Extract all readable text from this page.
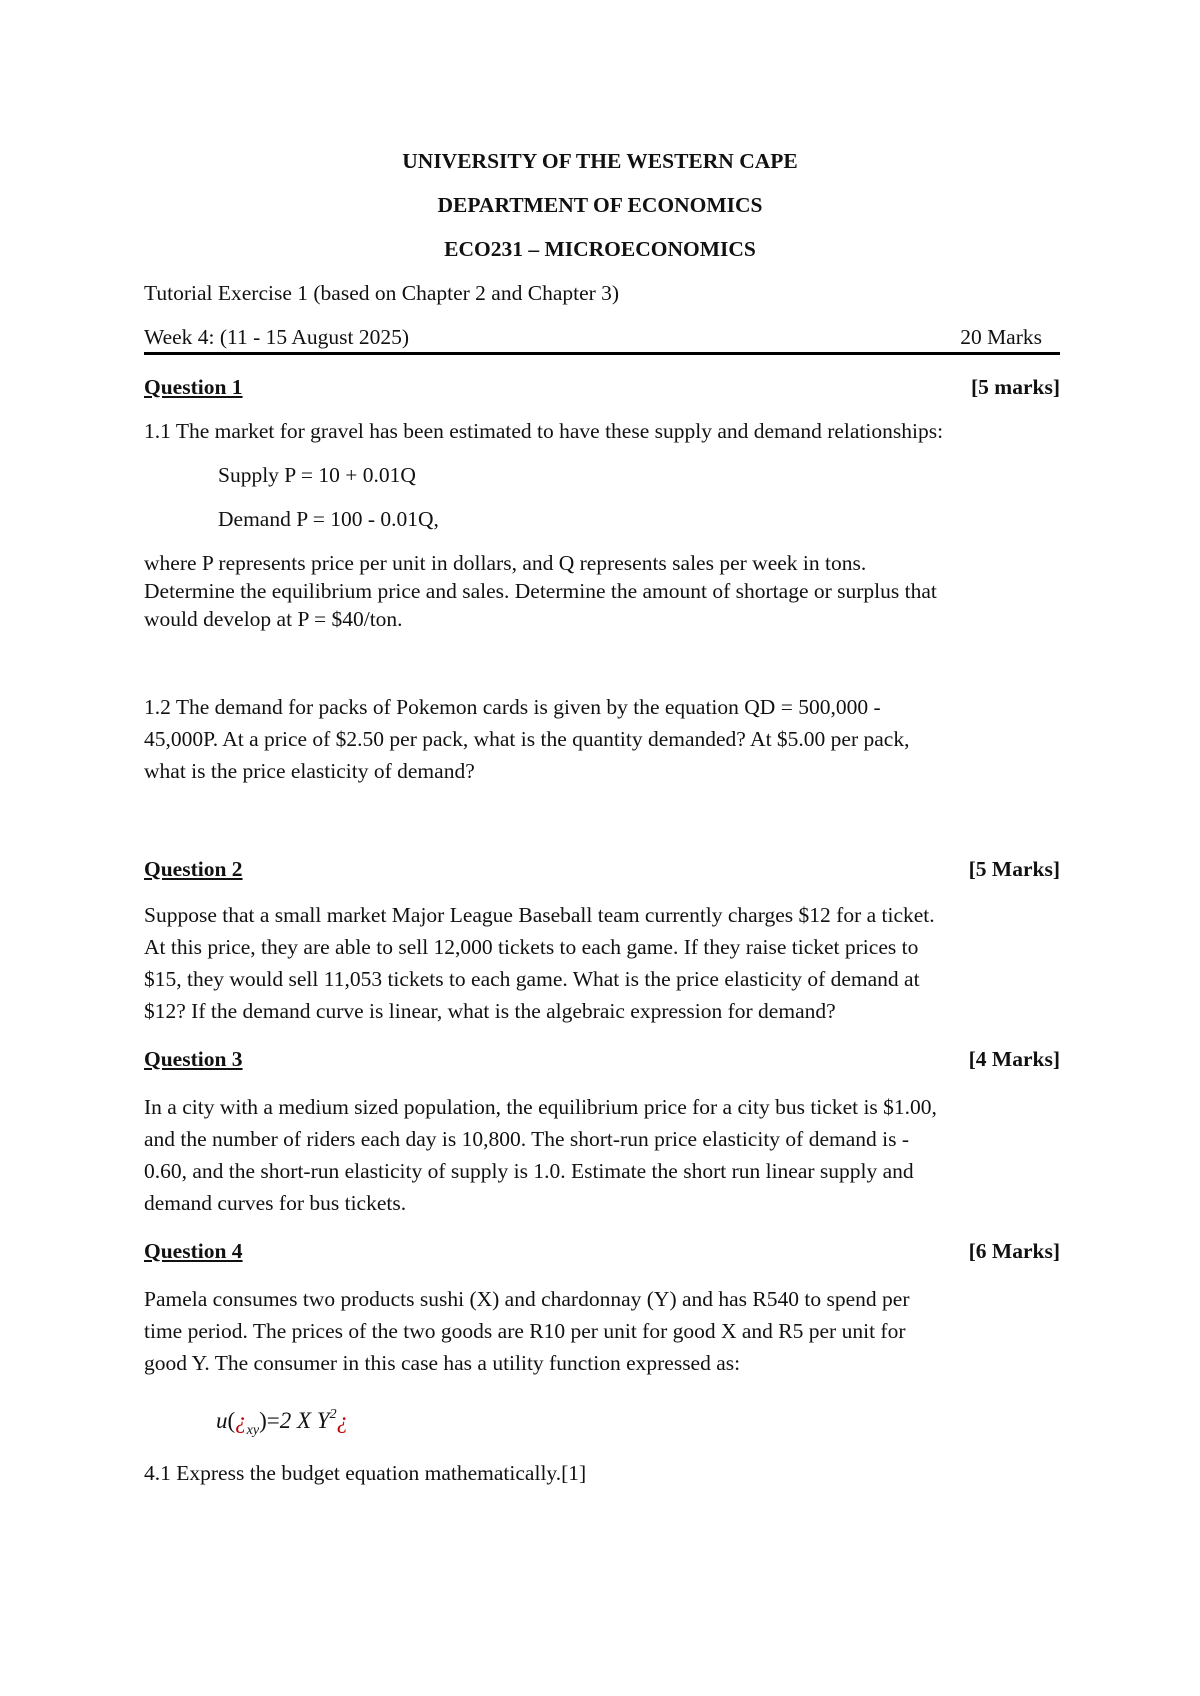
UNIVERSITY OF THE WESTERN CAPE
DEPARTMENT OF ECONOMICS
ECO231 – MICROECONOMICS
Tutorial Exercise 1 (based on Chapter 2 and Chapter 3)
Week 4: (11 - 15 August 2025)	20 Marks
Question 1	[5 marks]
1.1 The market for gravel has been estimated to have these supply and demand relationships:
Supply P = 10 + 0.01Q
Demand P = 100 - 0.01Q,
where P represents price per unit in dollars, and Q represents sales per week in tons.
Determine the equilibrium price and sales. Determine the amount of shortage or surplus that
would develop at P = $40/ton.
1.2 The demand for packs of Pokemon cards is given by the equation QD = 500,000 -
45,000P. At a price of $2.50 per pack, what is the quantity demanded? At $5.00 per pack,
what is the price elasticity of demand?
Question 2	[5 Marks]
Suppose that a small market Major League Baseball team currently charges $12 for a ticket.
At this price, they are able to sell 12,000 tickets to each game. If they raise ticket prices to
$15, they would sell 11,053 tickets to each game. What is the price elasticity of demand at
$12? If the demand curve is linear, what is the algebraic expression for demand?
Question 3	[4 Marks]
In a city with a medium sized population, the equilibrium price for a city bus ticket is $1.00,
and the number of riders each day is 10,800. The short-run price elasticity of demand is -
0.60, and the short-run elasticity of supply is 1.0. Estimate the short run linear supply and
demand curves for bus tickets.
Question 4	[6 Marks]
Pamela consumes two products sushi (X) and chardonnay (Y) and has R540 to spend per
time period. The prices of the two goods are R10 per unit for good X and R5 per unit for
good Y. The consumer in this case has a utility function expressed as:
$u(¿_{xy})=2$ X $Y^2¿$
4.1 Express the budget equation mathematically.[1]
